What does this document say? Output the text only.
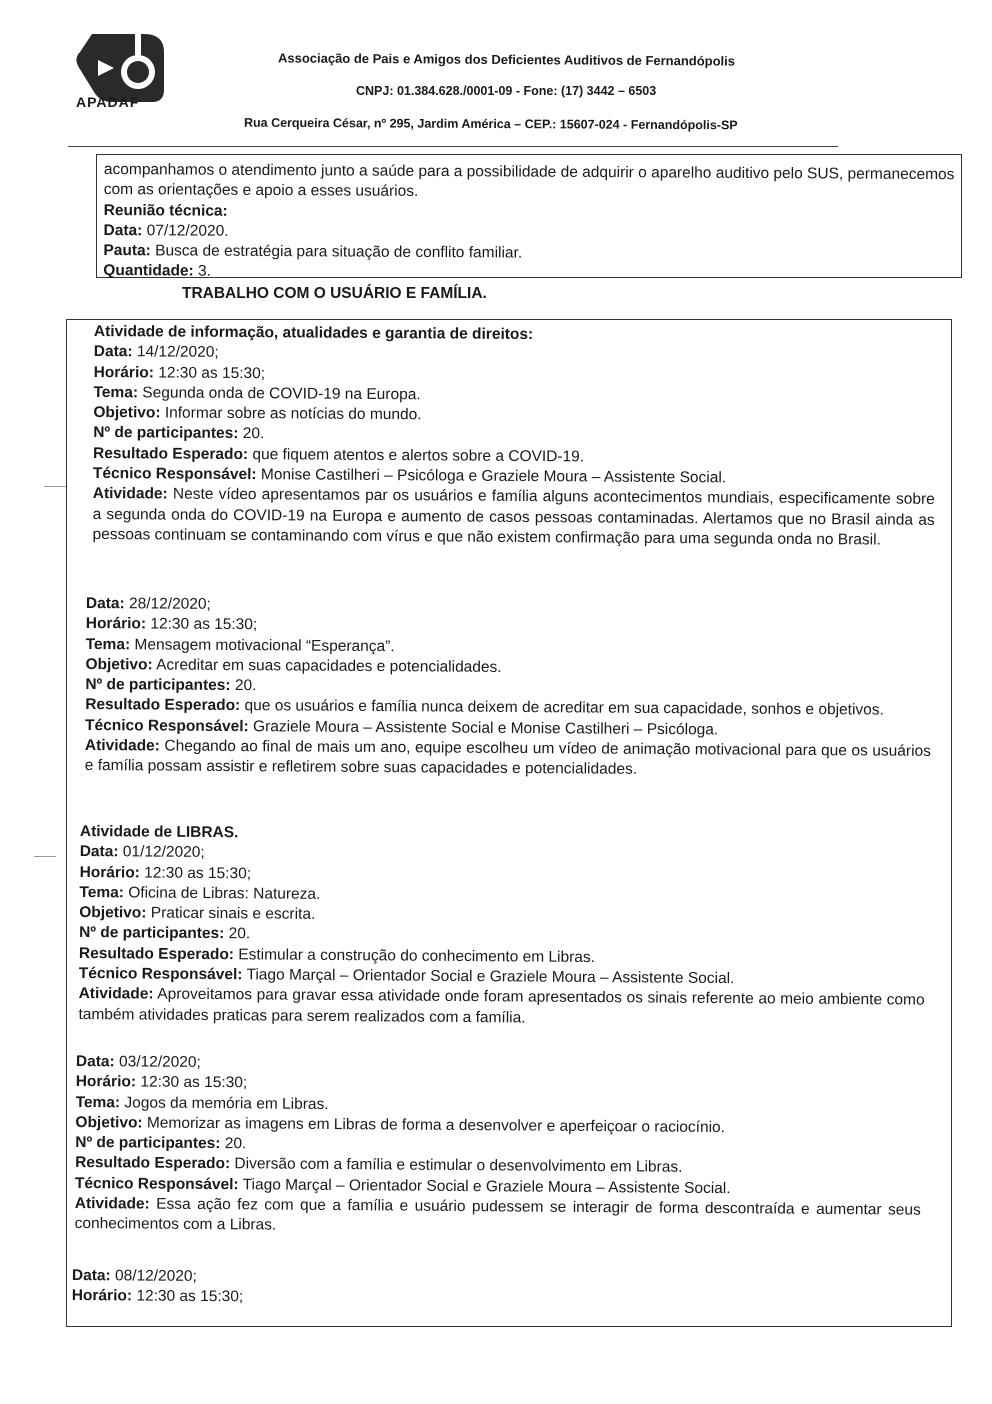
APADAF
Associação de Pais e Amigos dos Deficientes Auditivos de Fernandópolis
CNPJ: 01.384.628./0001-09 - Fone: (17) 3442 – 6503
Rua Cerqueira César, nº 295, Jardim América – CEP.: 15607-024 - Fernandópolis-SP

acompanhamos o atendimento junto a saúde para a possibilidade de adquirir o aparelho auditivo pelo SUS, permanecemos com as orientações e apoio a esses usuários.

Reunião técnica:

Data: 07/12/2020.

Pauta: Busca de estratégia para situação de conflito familiar.

Quantidade: 3.

TRABALHO COM O USUÁRIO E FAMÍLIA.

Atividade de informação, atualidades e garantia de direitos:

Data: 14/12/2020;

Horário: 12:30 as 15:30;

Tema: Segunda onda de COVID-19 na Europa.

Objetivo: Informar sobre as notícias do mundo.

Nº de participantes: 20.

Resultado Esperado: que fiquem atentos e alertos sobre a COVID-19.

Técnico Responsável: Monise Castilheri – Psicóloga e Graziele Moura – Assistente Social.

Atividade: Neste vídeo apresentamos par os usuários e família alguns acontecimentos mundiais, especificamente sobre a segunda onda do COVID-19 na Europa e aumento de casos pessoas contaminadas. Alertamos que no Brasil ainda as pessoas continuam se contaminando com vírus e que não existem confirmação para uma segunda onda no Brasil.

Data: 28/12/2020;

Horário: 12:30 as 15:30;

Tema: Mensagem motivacional “Esperança”.

Objetivo: Acreditar em suas capacidades e potencialidades.

Nº de participantes: 20.

Resultado Esperado: que os usuários e família nunca deixem de acreditar em sua capacidade, sonhos e objetivos.

Técnico Responsável: Graziele Moura – Assistente Social e Monise Castilheri – Psicóloga.

Atividade: Chegando ao final de mais um ano, equipe escolheu um vídeo de animação motivacional para que os usuários e família possam assistir e refletirem sobre suas capacidades e potencialidades.

Atividade de LIBRAS.

Data: 01/12/2020;

Horário: 12:30 as 15:30;

Tema: Oficina de Libras: Natureza.

Objetivo: Praticar sinais e escrita.

Nº de participantes: 20.

Resultado Esperado: Estimular a construção do conhecimento em Libras.

Técnico Responsável: Tiago Marçal – Orientador Social e Graziele Moura – Assistente Social.

Atividade: Aproveitamos para gravar essa atividade onde foram apresentados os sinais referente ao meio ambiente como também atividades praticas para serem realizados com a família.

Data: 03/12/2020;

Horário: 12:30 as 15:30;

Tema: Jogos da memória em Libras.

Objetivo: Memorizar as imagens em Libras de forma a desenvolver e aperfeiçoar o raciocínio.

Nº de participantes: 20.

Resultado Esperado: Diversão com a família e estimular o desenvolvimento em Libras.

Técnico Responsável: Tiago Marçal – Orientador Social e Graziele Moura – Assistente Social.

Atividade: Essa ação fez com que a família e usuário pudessem se interagir de forma descontraída e aumentar seus conhecimentos com a Libras.

Data: 08/12/2020;

Horário: 12:30 as 15:30;
